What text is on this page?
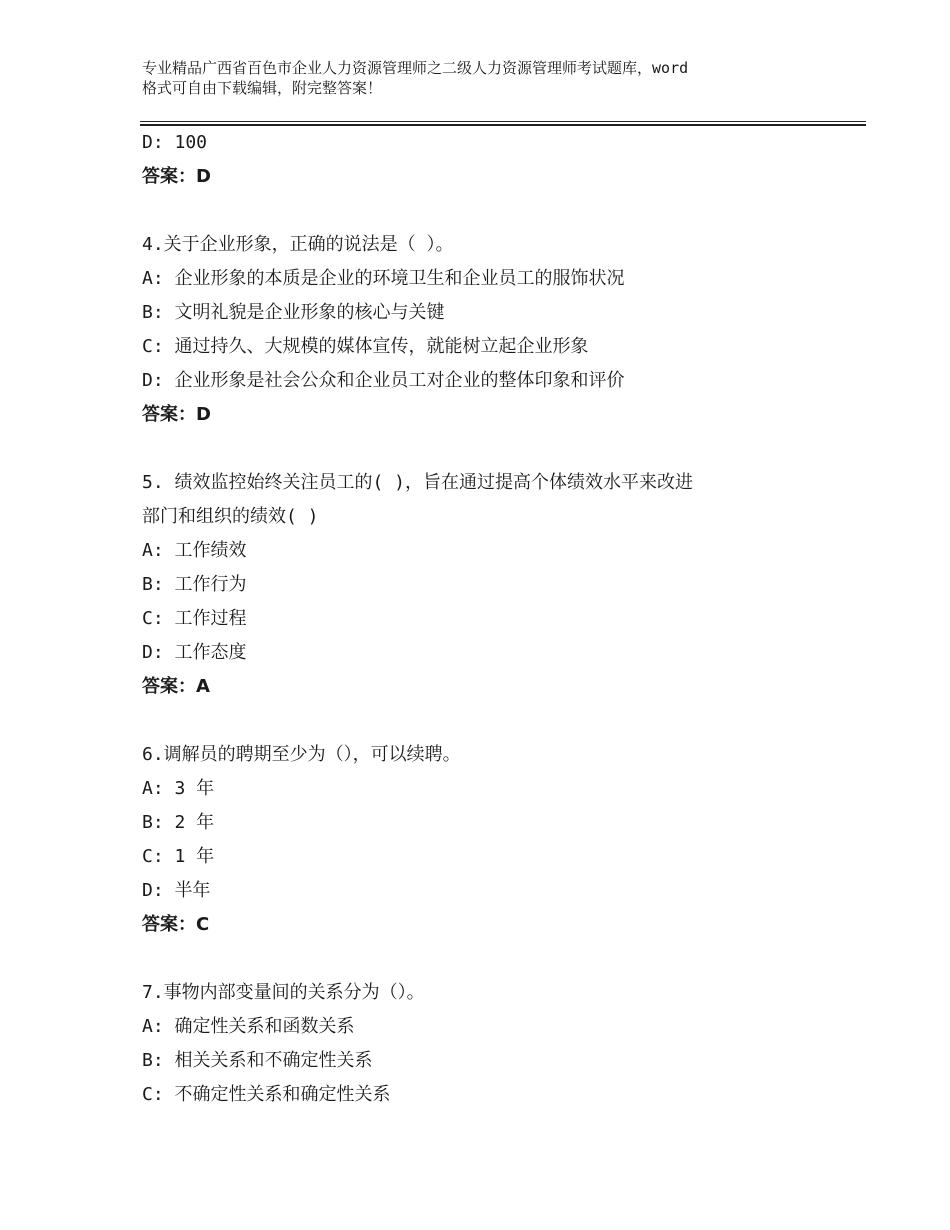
专业精品广西省百色市企业人力资源管理师之二级人力资源管理师考试题库，word
格式可自由下载编辑，附完整答案！
D: 100
答案：D
4.关于企业形象，正确的说法是（ ）。
A: 企业形象的本质是企业的环境卫生和企业员工的服饰状况
B: 文明礼貌是企业形象的核心与关键
C: 通过持久、大规模的媒体宣传，就能树立起企业形象
D: 企业形象是社会公众和企业员工对企业的整体印象和评价
答案：D
5. 绩效监控始终关注员工的( )，旨在通过提高个体绩效水平来改进
部门和组织的绩效( )
A: 工作绩效
B: 工作行为
C: 工作过程
D: 工作态度
答案：A
6.调解员的聘期至少为（），可以续聘。
A: 3 年
B: 2 年
C: 1 年
D: 半年
答案：C
7.事物内部变量间的关系分为（）。
A: 确定性关系和函数关系
B: 相关关系和不确定性关系
C: 不确定性关系和确定性关系
